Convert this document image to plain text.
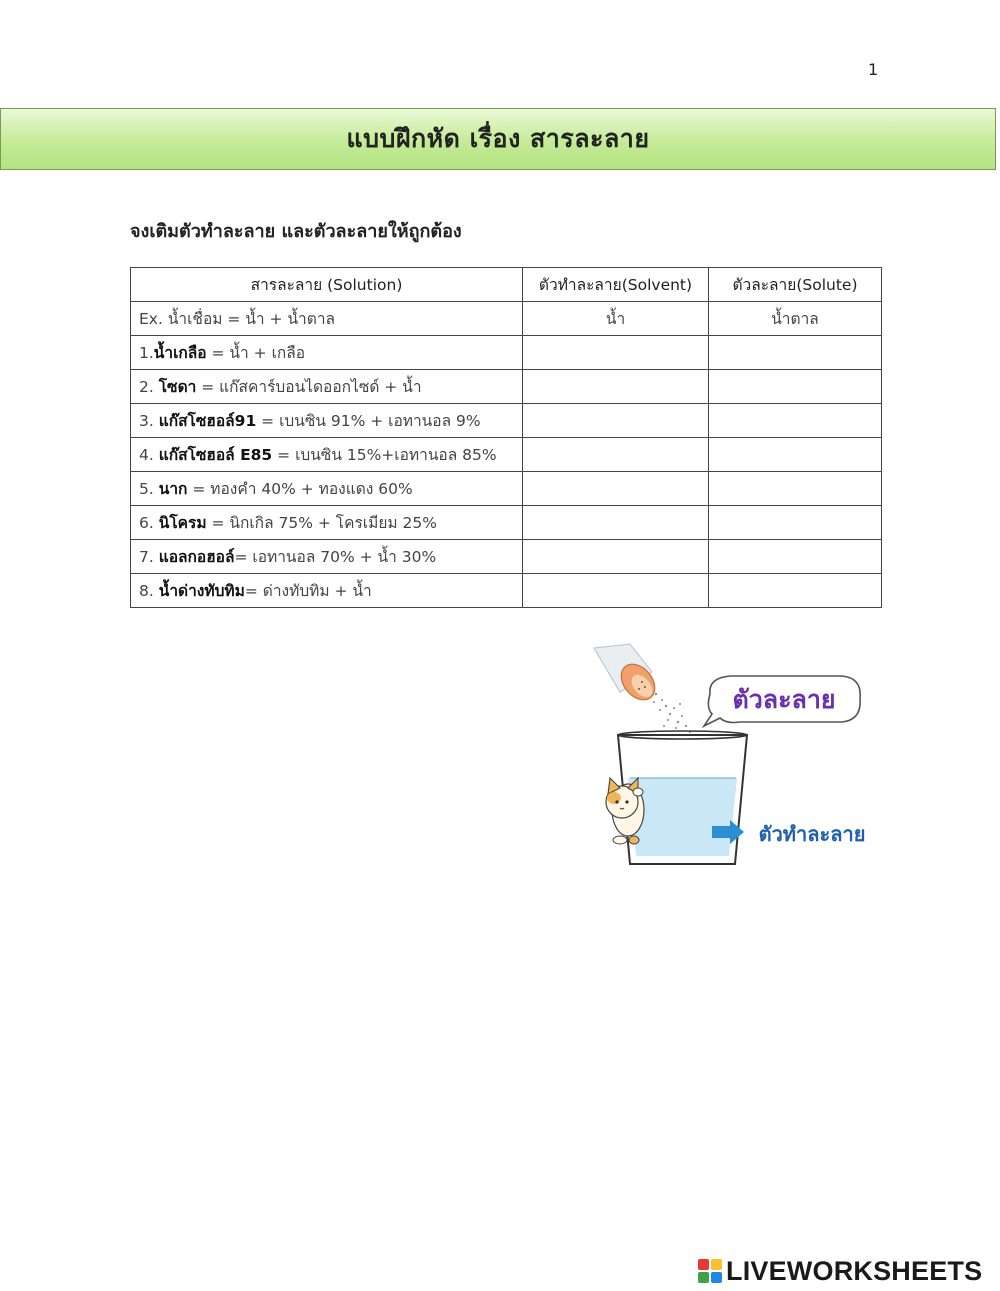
1
แบบฝึกหัด เรื่อง สารละลาย
จงเติมตัวทำละลาย และตัวละลายให้ถูกต้อง
สารละลาย (Solution)	ตัวทำละลาย(Solvent)	ตัวละลาย(Solute)
Ex. น้ำเชื่อม = น้ำ + น้ำตาล	น้ำ	น้ำตาล
1.น้ำเกลือ = น้ำ + เกลือ		
2. โซดา = แก๊สคาร์บอนไดออกไซด์ + น้ำ		
3. แก๊สโซฮอล์91 = เบนซิน 91% + เอทานอล 9%		
4. แก๊สโซฮอล์ E85 = เบนซิน 15%+เอทานอล 85%		
5. นาก = ทองคำ 40% + ทองแดง 60%		
6. นิโครม = นิกเกิล 75% + โครเมียม 25%		
7. แอลกอฮอล์= เอทานอล 70% + น้ำ 30%		
8. น้ำด่างทับทิม= ด่างทับทิม + น้ำ		
ตัวละลาย
ตัวทำละลาย
LIVEWORKSHEETS
